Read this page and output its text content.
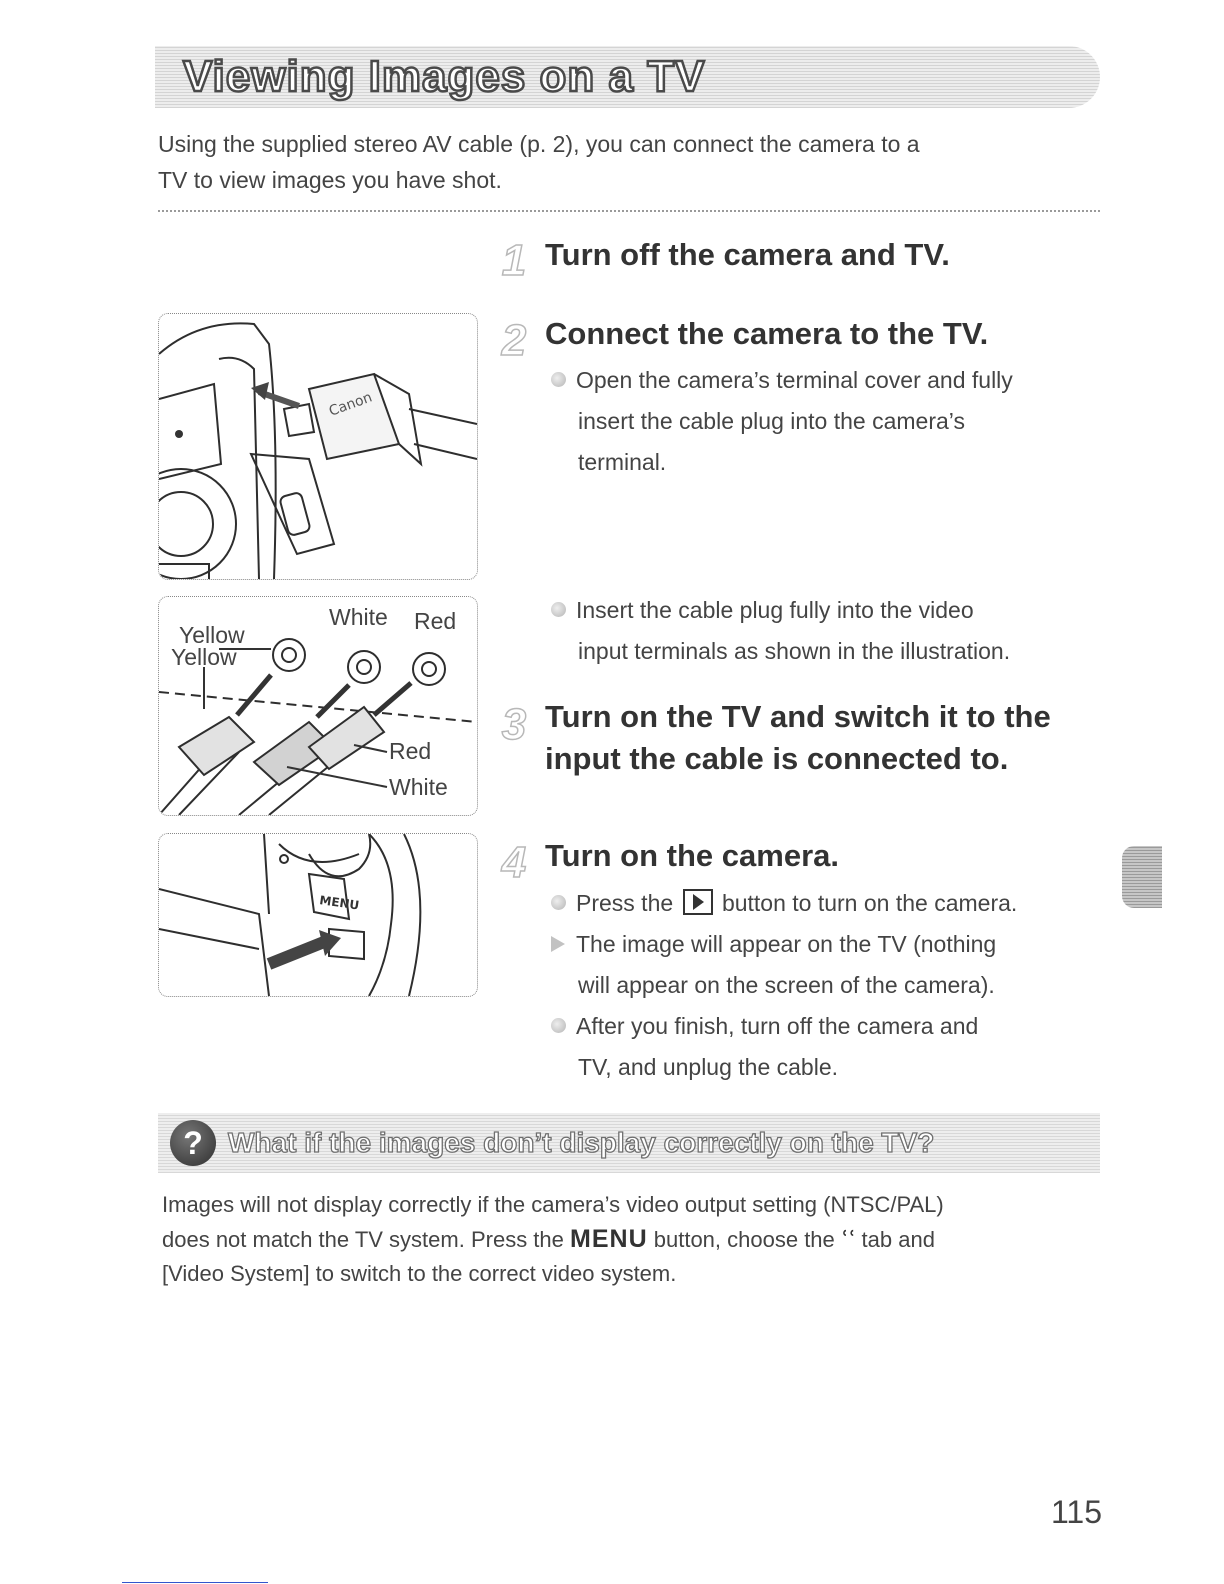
Viewing Images on a TV
Using the supplied stereo AV cable (p. 2), you can connect the camera to a
TV to view images you have shot.
1 Turn off the camera and TV.
2 Connect the camera to the TV.
Open the camera’s terminal cover and fully
insert the cable plug into the camera’s
terminal.
Insert the cable plug fully into the video
input terminals as shown in the illustration.
3 Turn on the TV and switch it to the
input the cable is connected to.
4 Turn on the camera.
Press the button to turn on the camera.
The image will appear on the TV (nothing
will appear on the screen of the camera).
After you finish, turn off the camera and
TV, and unplug the cable.
Canon
Yellow
Yellow
White Red
Red
White
MENU
? What if the images don’t display correctly on the TV?
Images will not display correctly if the camera’s video output setting (NTSC/PAL)
does not match the TV system. Press the MENU button, choose the ՙՙ tab and
[Video System] to switch to the correct video system.
115
